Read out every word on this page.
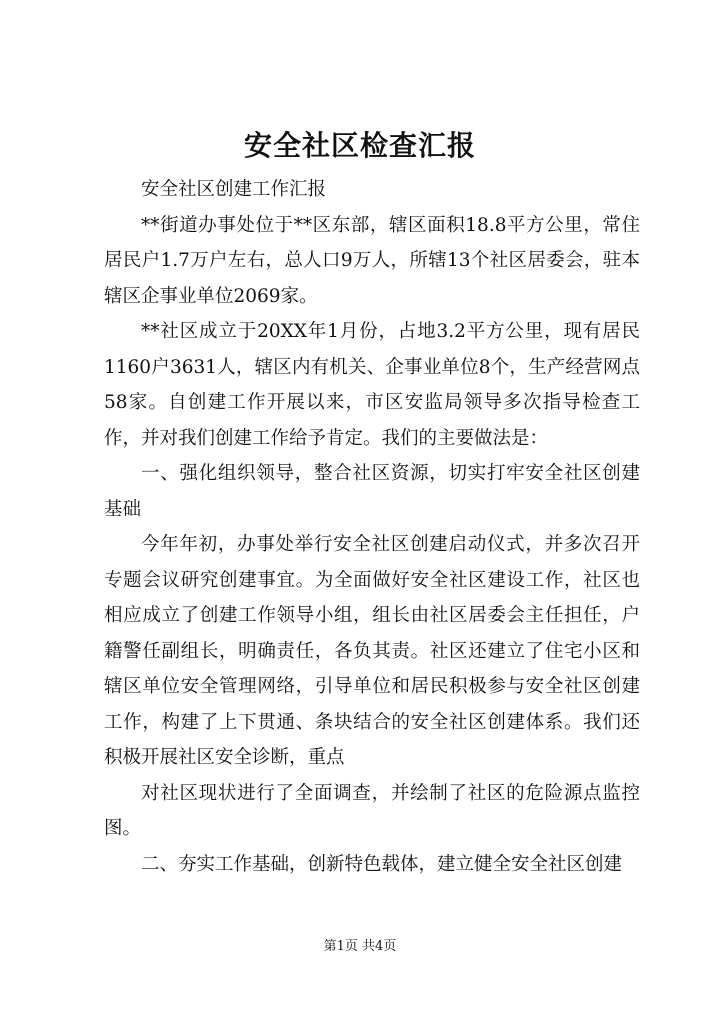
安全社区检查汇报

安全社区创建工作汇报

**街道办事处位于**区东部，辖区面积18.8平方公里，常住居民户1.7万户左右，总人口9万人，所辖13个社区居委会，驻本辖区企事业单位2069家。

**社区成立于20XX年1月份，占地3.2平方公里，现有居民1160户3631人，辖区内有机关、企事业单位8个，生产经营网点58家。自创建工作开展以来，市区安监局领导多次指导检查工作，并对我们创建工作给予肯定。我们的主要做法是：

一、强化组织领导，整合社区资源，切实打牢安全社区创建基础

今年年初，办事处举行安全社区创建启动仪式，并多次召开专题会议研究创建事宜。为全面做好安全社区建设工作，社区也相应成立了创建工作领导小组，组长由社区居委会主任担任，户籍警任副组长，明确责任，各负其责。社区还建立了住宅小区和辖区单位安全管理网络，引导单位和居民积极参与安全社区创建工作，构建了上下贯通、条块结合的安全社区创建体系。我们还积极开展社区安全诊断，重点

对社区现状进行了全面调查，并绘制了社区的危险源点监控图。

二、夯实工作基础，创新特色载体，建立健全安全社区创建

第1页 共4页
